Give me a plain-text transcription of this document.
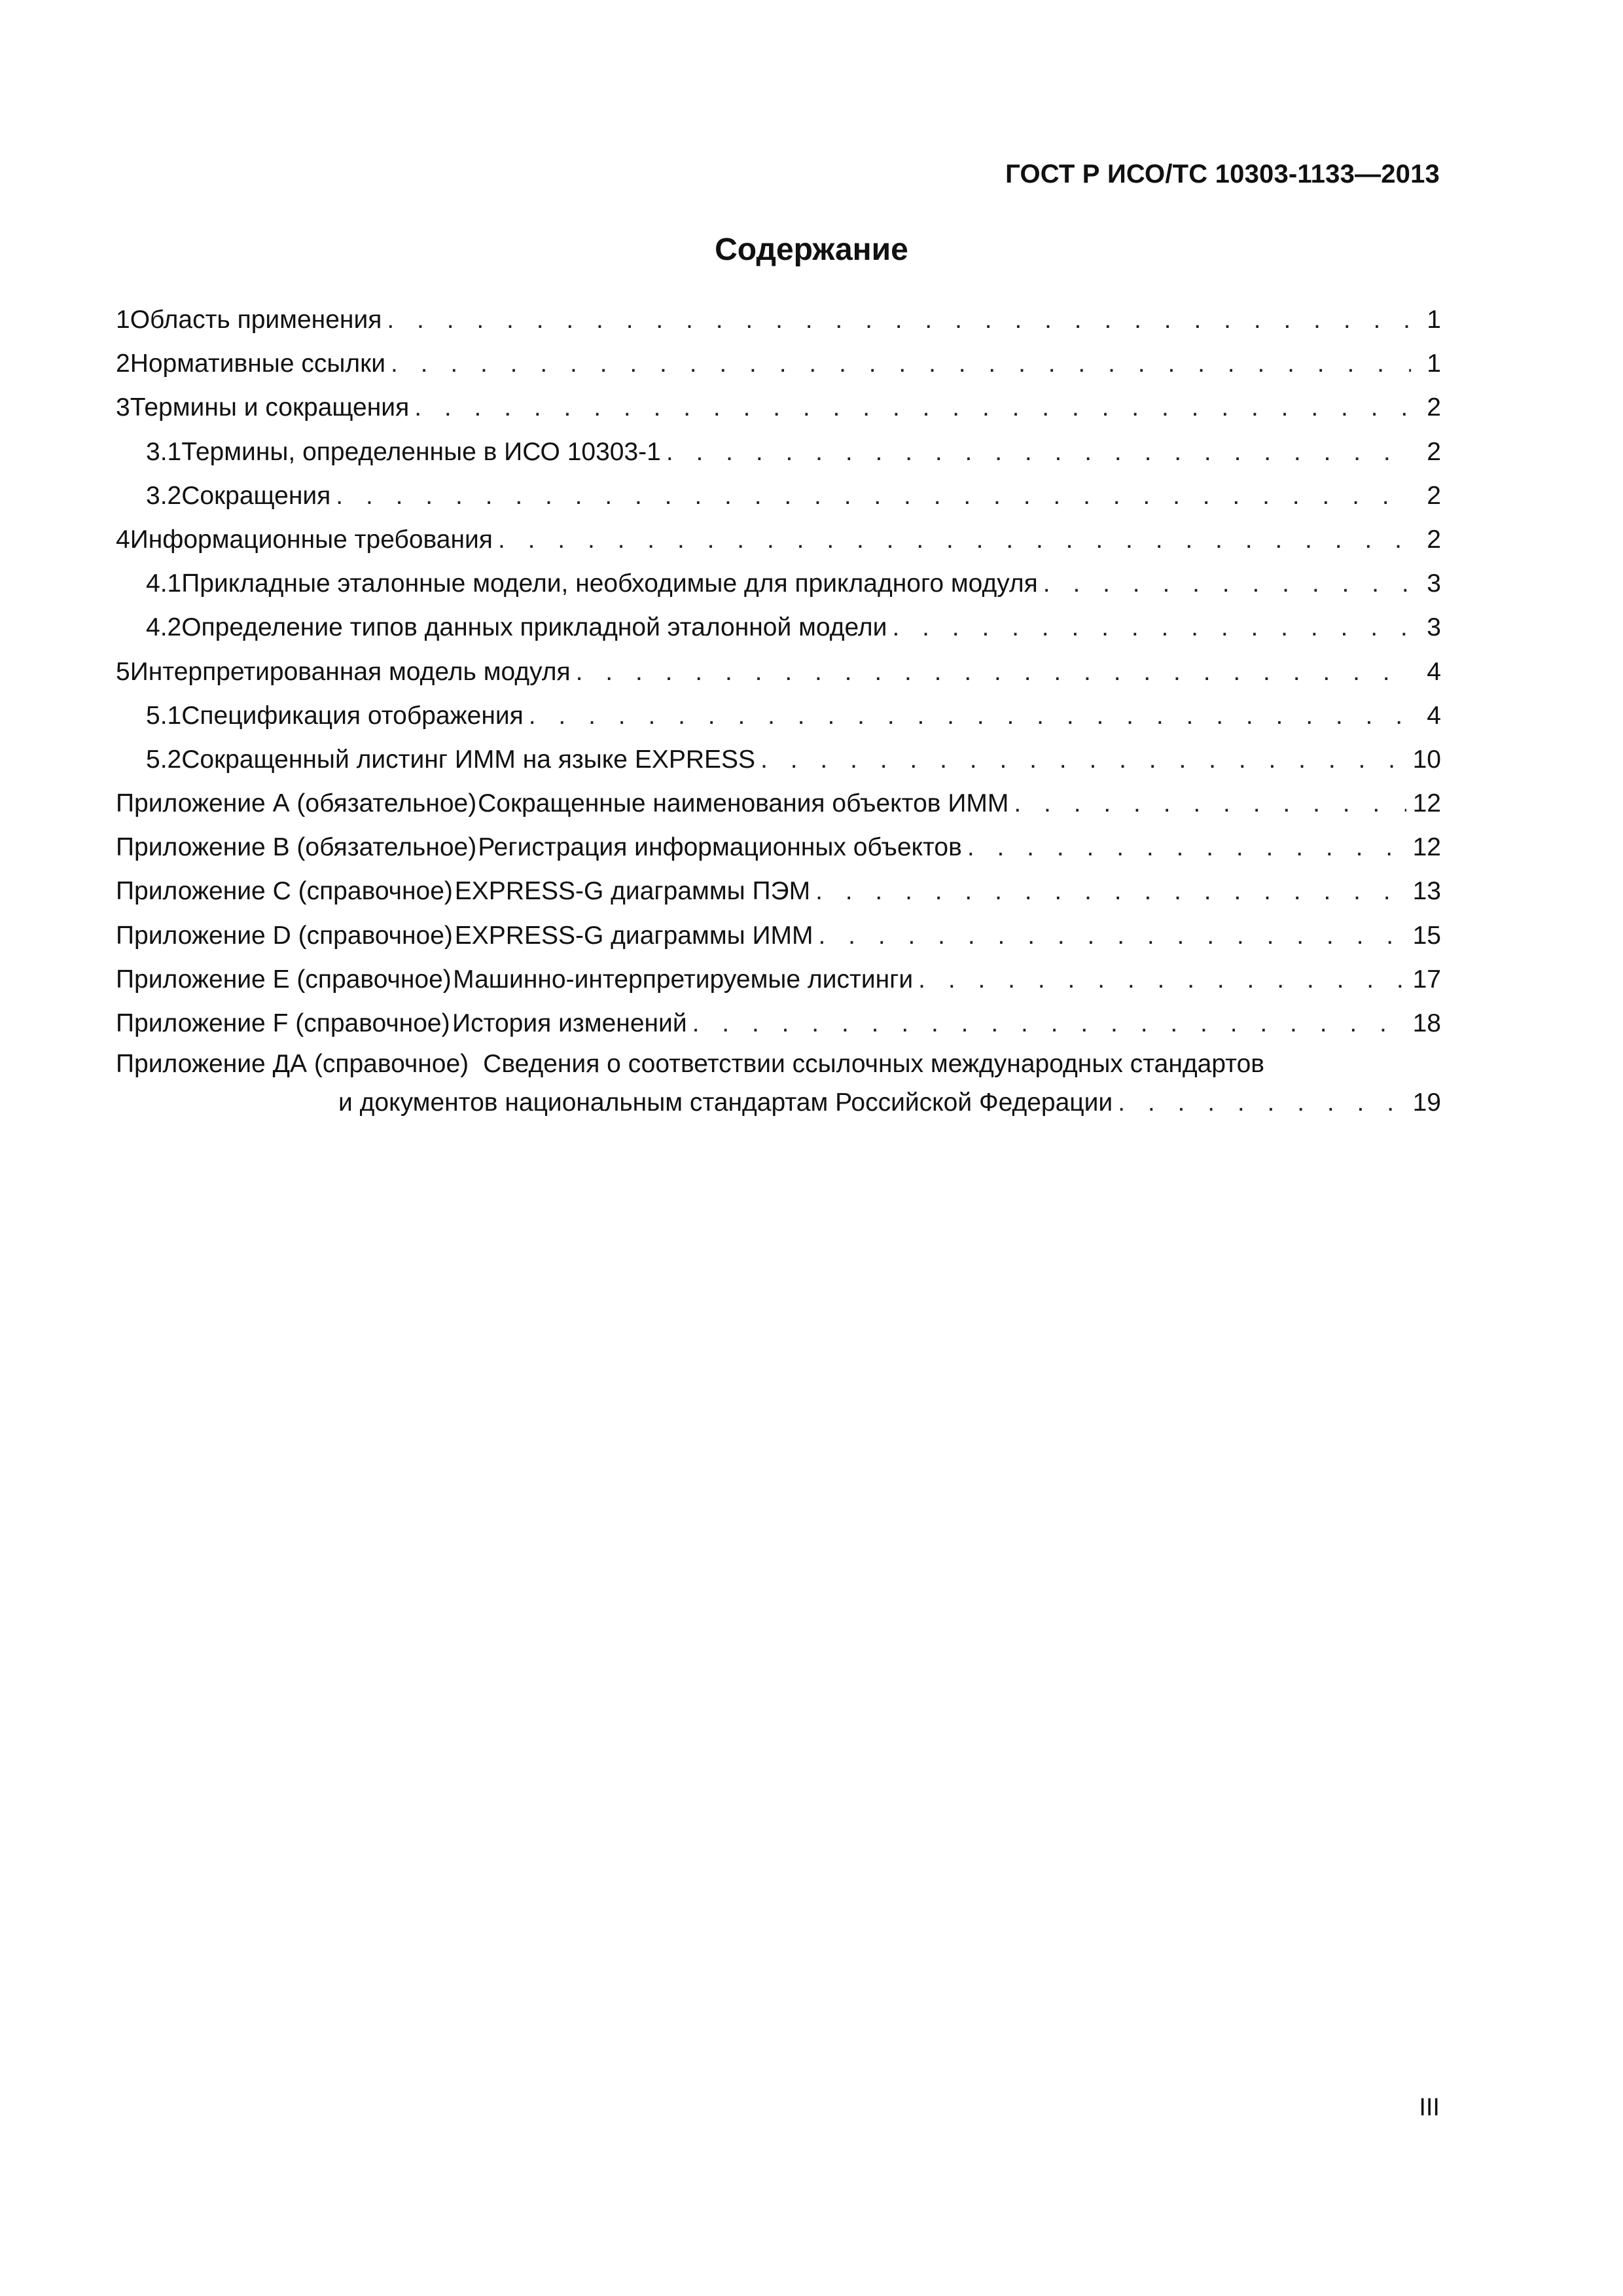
ГОСТ Р ИСО/ТС 10303-1133—2013
Содержание
1 Область применения . . .	1
2 Нормативные ссылки . . .	1
3 Термины и сокращения . . .	2
3.1 Термины, определенные в ИСО 10303-1 . . .	2
3.2 Сокращения . . .	2
4 Информационные требования . . .	2
4.1 Прикладные эталонные модели, необходимые для прикладного модуля . . .	3
4.2 Определение типов данных прикладной эталонной модели . . .	3
5 Интерпретированная модель модуля . . .	4
5.1 Спецификация отображения . . .	4
5.2 Сокращенный листинг ИММ на языке EXPRESS . . .	10
Приложение А (обязательное) Сокращенные наименования объектов ИММ . . .	12
Приложение В (обязательное) Регистрация информационных объектов . . .	12
Приложение С (справочное) EXPRESS-G диаграммы ПЭМ . . .	13
Приложение D (справочное) EXPRESS-G диаграммы ИММ . . .	15
Приложение Е (справочное) Машинно-интерпретируемые листинги . . .	17
Приложение F (справочное) История изменений . . .	18
Приложение ДА (справочное) Сведения о соответствии ссылочных международных стандартов
и документов национальным стандартам Российской Федерации . . .	19
III
